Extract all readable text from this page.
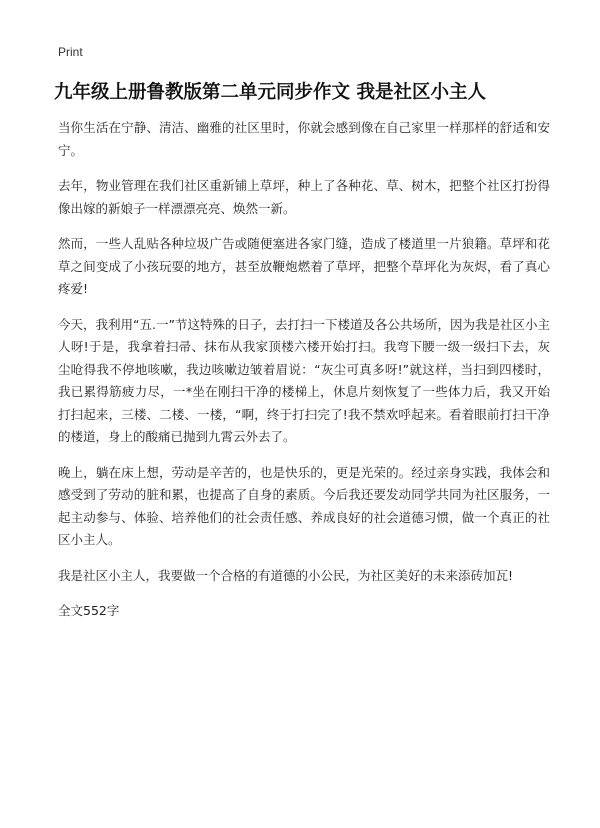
Print
九年级上册鲁教版第二单元同步作文 我是社区小主人

当你生活在宁静、清洁、幽雅的社区里时，你就会感到像在自己家里一样那样的舒适和安宁。

去年，物业管理在我们社区重新铺上草坪，种上了各种花、草、树木，把整个社区打扮得像出嫁的新娘子一样漂漂亮亮、焕然一新。

然而，一些人乱贴各种垃圾广告或随便塞进各家门缝，造成了楼道里一片狼籍。草坪和花草之间变成了小孩玩耍的地方，甚至放鞭炮燃着了草坪，把整个草坪化为灰烬，看了真心疼爱!

今天，我利用“五.一”节这特殊的日子，去打扫一下楼道及各公共场所，因为我是社区小主人呀!于是，我拿着扫帚、抹布从我家顶楼六楼开始打扫。我弯下腰一级一级扫下去，灰尘呛得我不停地咳嗽，我边咳嗽边皱着眉说：“灰尘可真多呀!”就这样，当扫到四楼时，我已累得筋疲力尽，一*坐在刚扫干净的楼梯上，休息片刻恢复了一些体力后，我又开始打扫起来，三楼、二楼、一楼，“啊，终于打扫完了!我不禁欢呼起来。看着眼前打扫干净的楼道，身上的酸痛已抛到九霄云外去了。

晚上，躺在床上想，劳动是辛苦的，也是快乐的，更是光荣的。经过亲身实践，我体会和感受到了劳动的脏和累，也提高了自身的素质。今后我还要发动同学共同为社区服务，一起主动参与、体验、培养他们的社会责任感、养成良好的社会道德习惯，做一个真正的社区小主人。

我是社区小主人，我要做一个合格的有道德的小公民，为社区美好的未来添砖加瓦!

全文552字
